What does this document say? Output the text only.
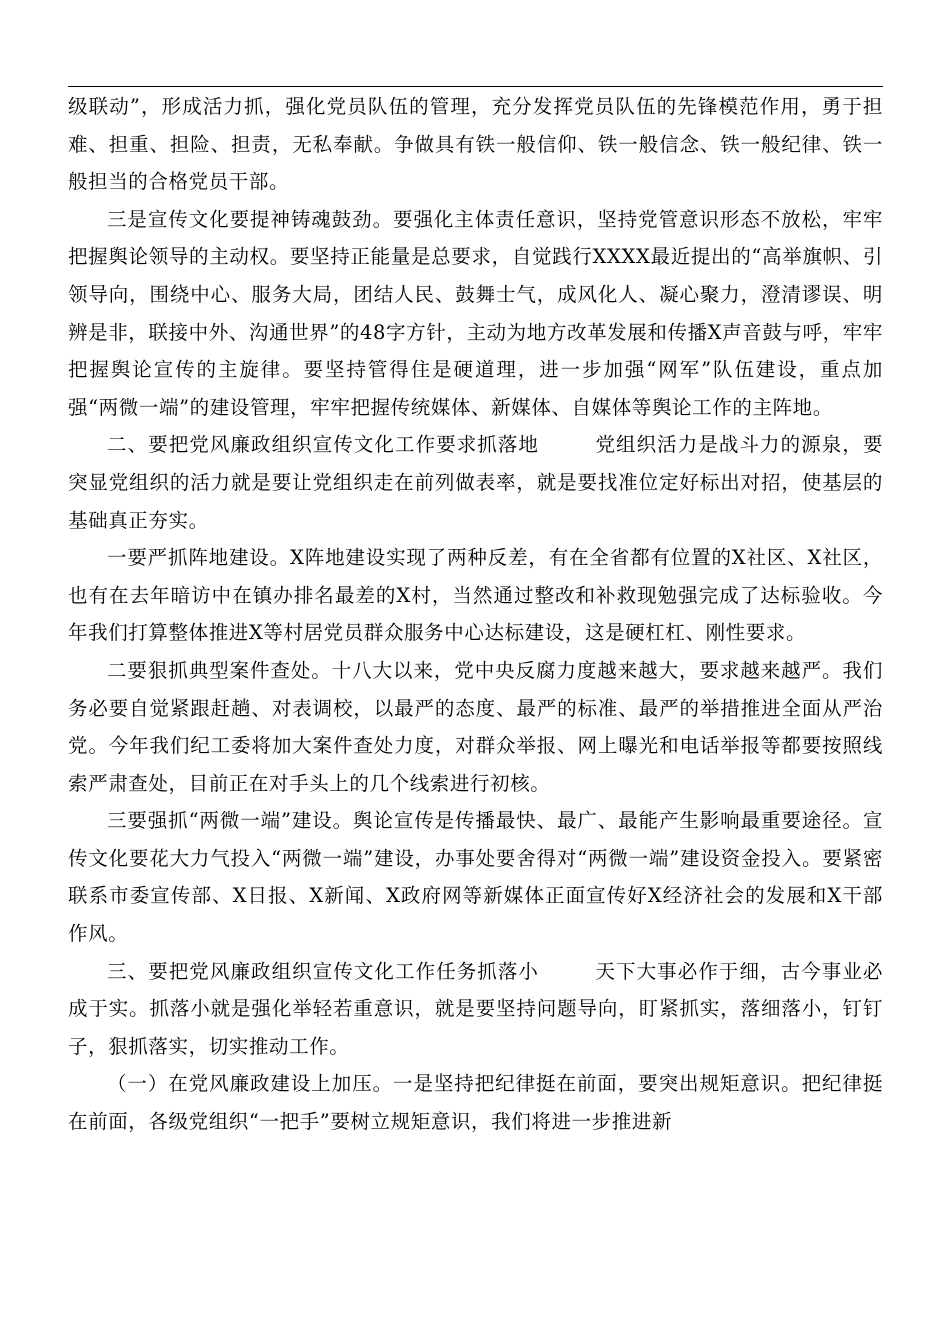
级联动”，形成活力抓，强化党员队伍的管理，充分发挥党员队伍的先锋模范作用，勇于担难、担重、担险、担责，无私奉献。争做具有铁一般信仰、铁一般信念、铁一般纪律、铁一般担当的合格党员干部。

三是宣传文化要提神铸魂鼓劲。要强化主体责任意识，坚持党管意识形态不放松，牢牢把握舆论领导的主动权。要坚持正能量是总要求，自觉践行XXXX最近提出的“高举旗帜、引领导向，围绕中心、服务大局，团结人民、鼓舞士气，成风化人、凝心聚力，澄清谬误、明辨是非，联接中外、沟通世界”的48字方针，主动为地方改革发展和传播X声音鼓与呼，牢牢把握舆论宣传的主旋律。要坚持管得住是硬道理，进一步加强“网军”队伍建设，重点加强“两微一端”的建设管理，牢牢把握传统媒体、新媒体、自媒体等舆论工作的主阵地。

二、要把党风廉政组织宣传文化工作要求抓落地	党组织活力是战斗力的源泉，要突显党组织的活力就是要让党组织走在前列做表率，就是要找准位定好标出对招，使基层的基础真正夯实。

一要严抓阵地建设。X阵地建设实现了两种反差，有在全省都有位置的X社区、X社区，也有在去年暗访中在镇办排名最差的X村，当然通过整改和补救现勉强完成了达标验收。今年我们打算整体推进X等村居党员群众服务中心达标建设，这是硬杠杠、刚性要求。

二要狠抓典型案件查处。十八大以来，党中央反腐力度越来越大，要求越来越严。我们务必要自觉紧跟赶趟、对表调校，以最严的态度、最严的标准、最严的举措推进全面从严治党。今年我们纪工委将加大案件查处力度，对群众举报、网上曝光和电话举报等都要按照线索严肃查处，目前正在对手头上的几个线索进行初核。

三要强抓“两微一端”建设。舆论宣传是传播最快、最广、最能产生影响最重要途径。宣传文化要花大力气投入“两微一端”建设，办事处要舍得对“两微一端”建设资金投入。要紧密联系市委宣传部、X日报、X新闻、X政府网等新媒体正面宣传好X经济社会的发展和X干部作风。

三、要把党风廉政组织宣传文化工作任务抓落小	天下大事必作于细，古今事业必成于实。抓落小就是强化举轻若重意识，就是要坚持问题导向，盯紧抓实，落细落小，钉钉子，狠抓落实，切实推动工作。

（一）在党风廉政建设上加压。一是坚持把纪律挺在前面，要突出规矩意识。把纪律挺在前面，各级党组织“一把手”要树立规矩意识，我们将进一步推进新
